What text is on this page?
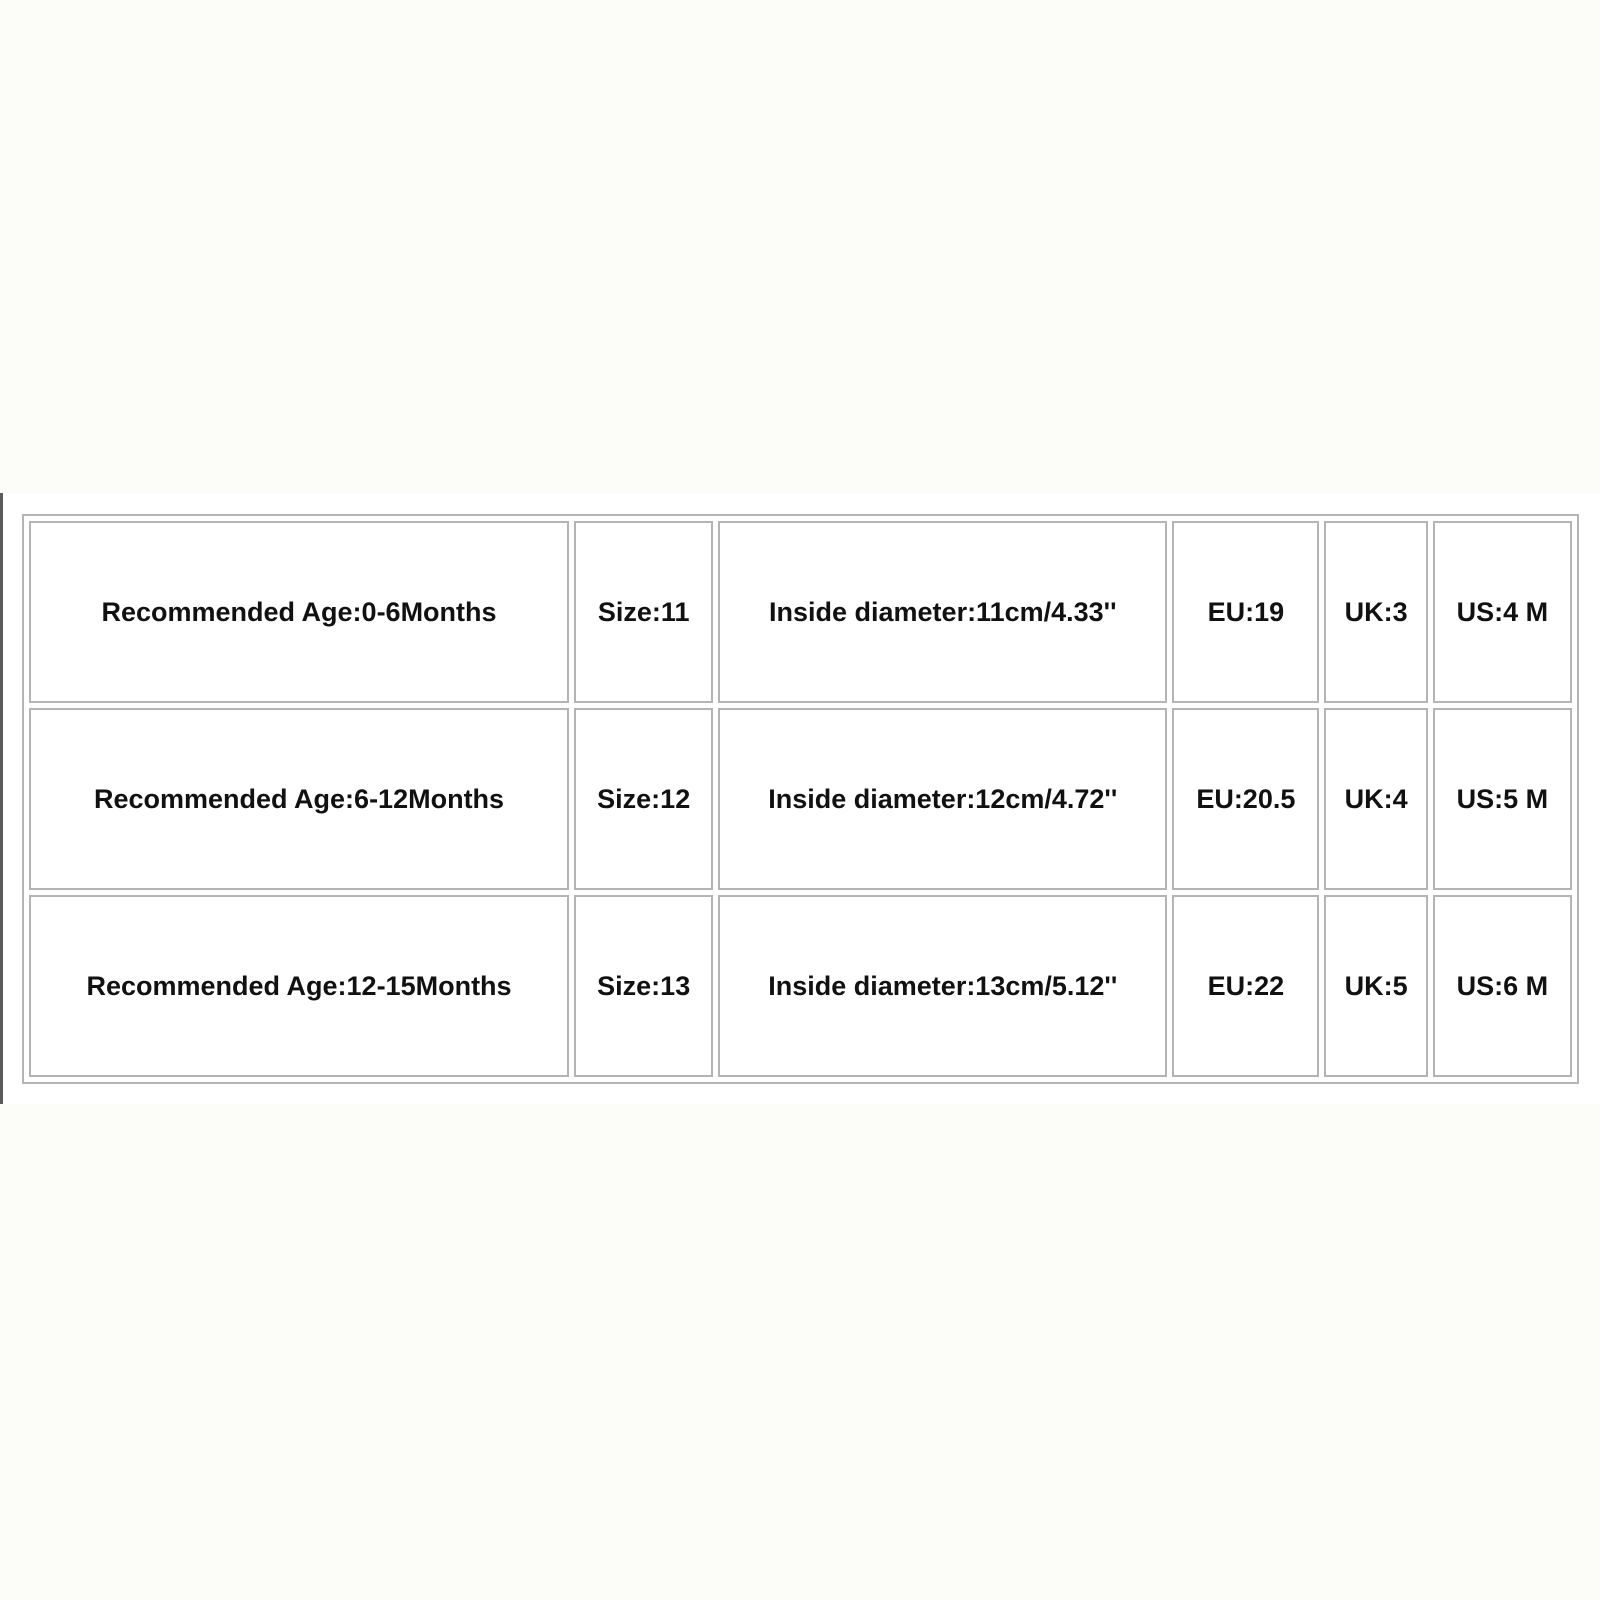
Recommended Age:0-6Months	Size:11	Inside diameter:11cm/4.33''	EU:19	UK:3	US:4 M
Recommended Age:6-12Months	Size:12	Inside diameter:12cm/4.72''	EU:20.5	UK:4	US:5 M
Recommended Age:12-15Months	Size:13	Inside diameter:13cm/5.12''	EU:22	UK:5	US:6 M
